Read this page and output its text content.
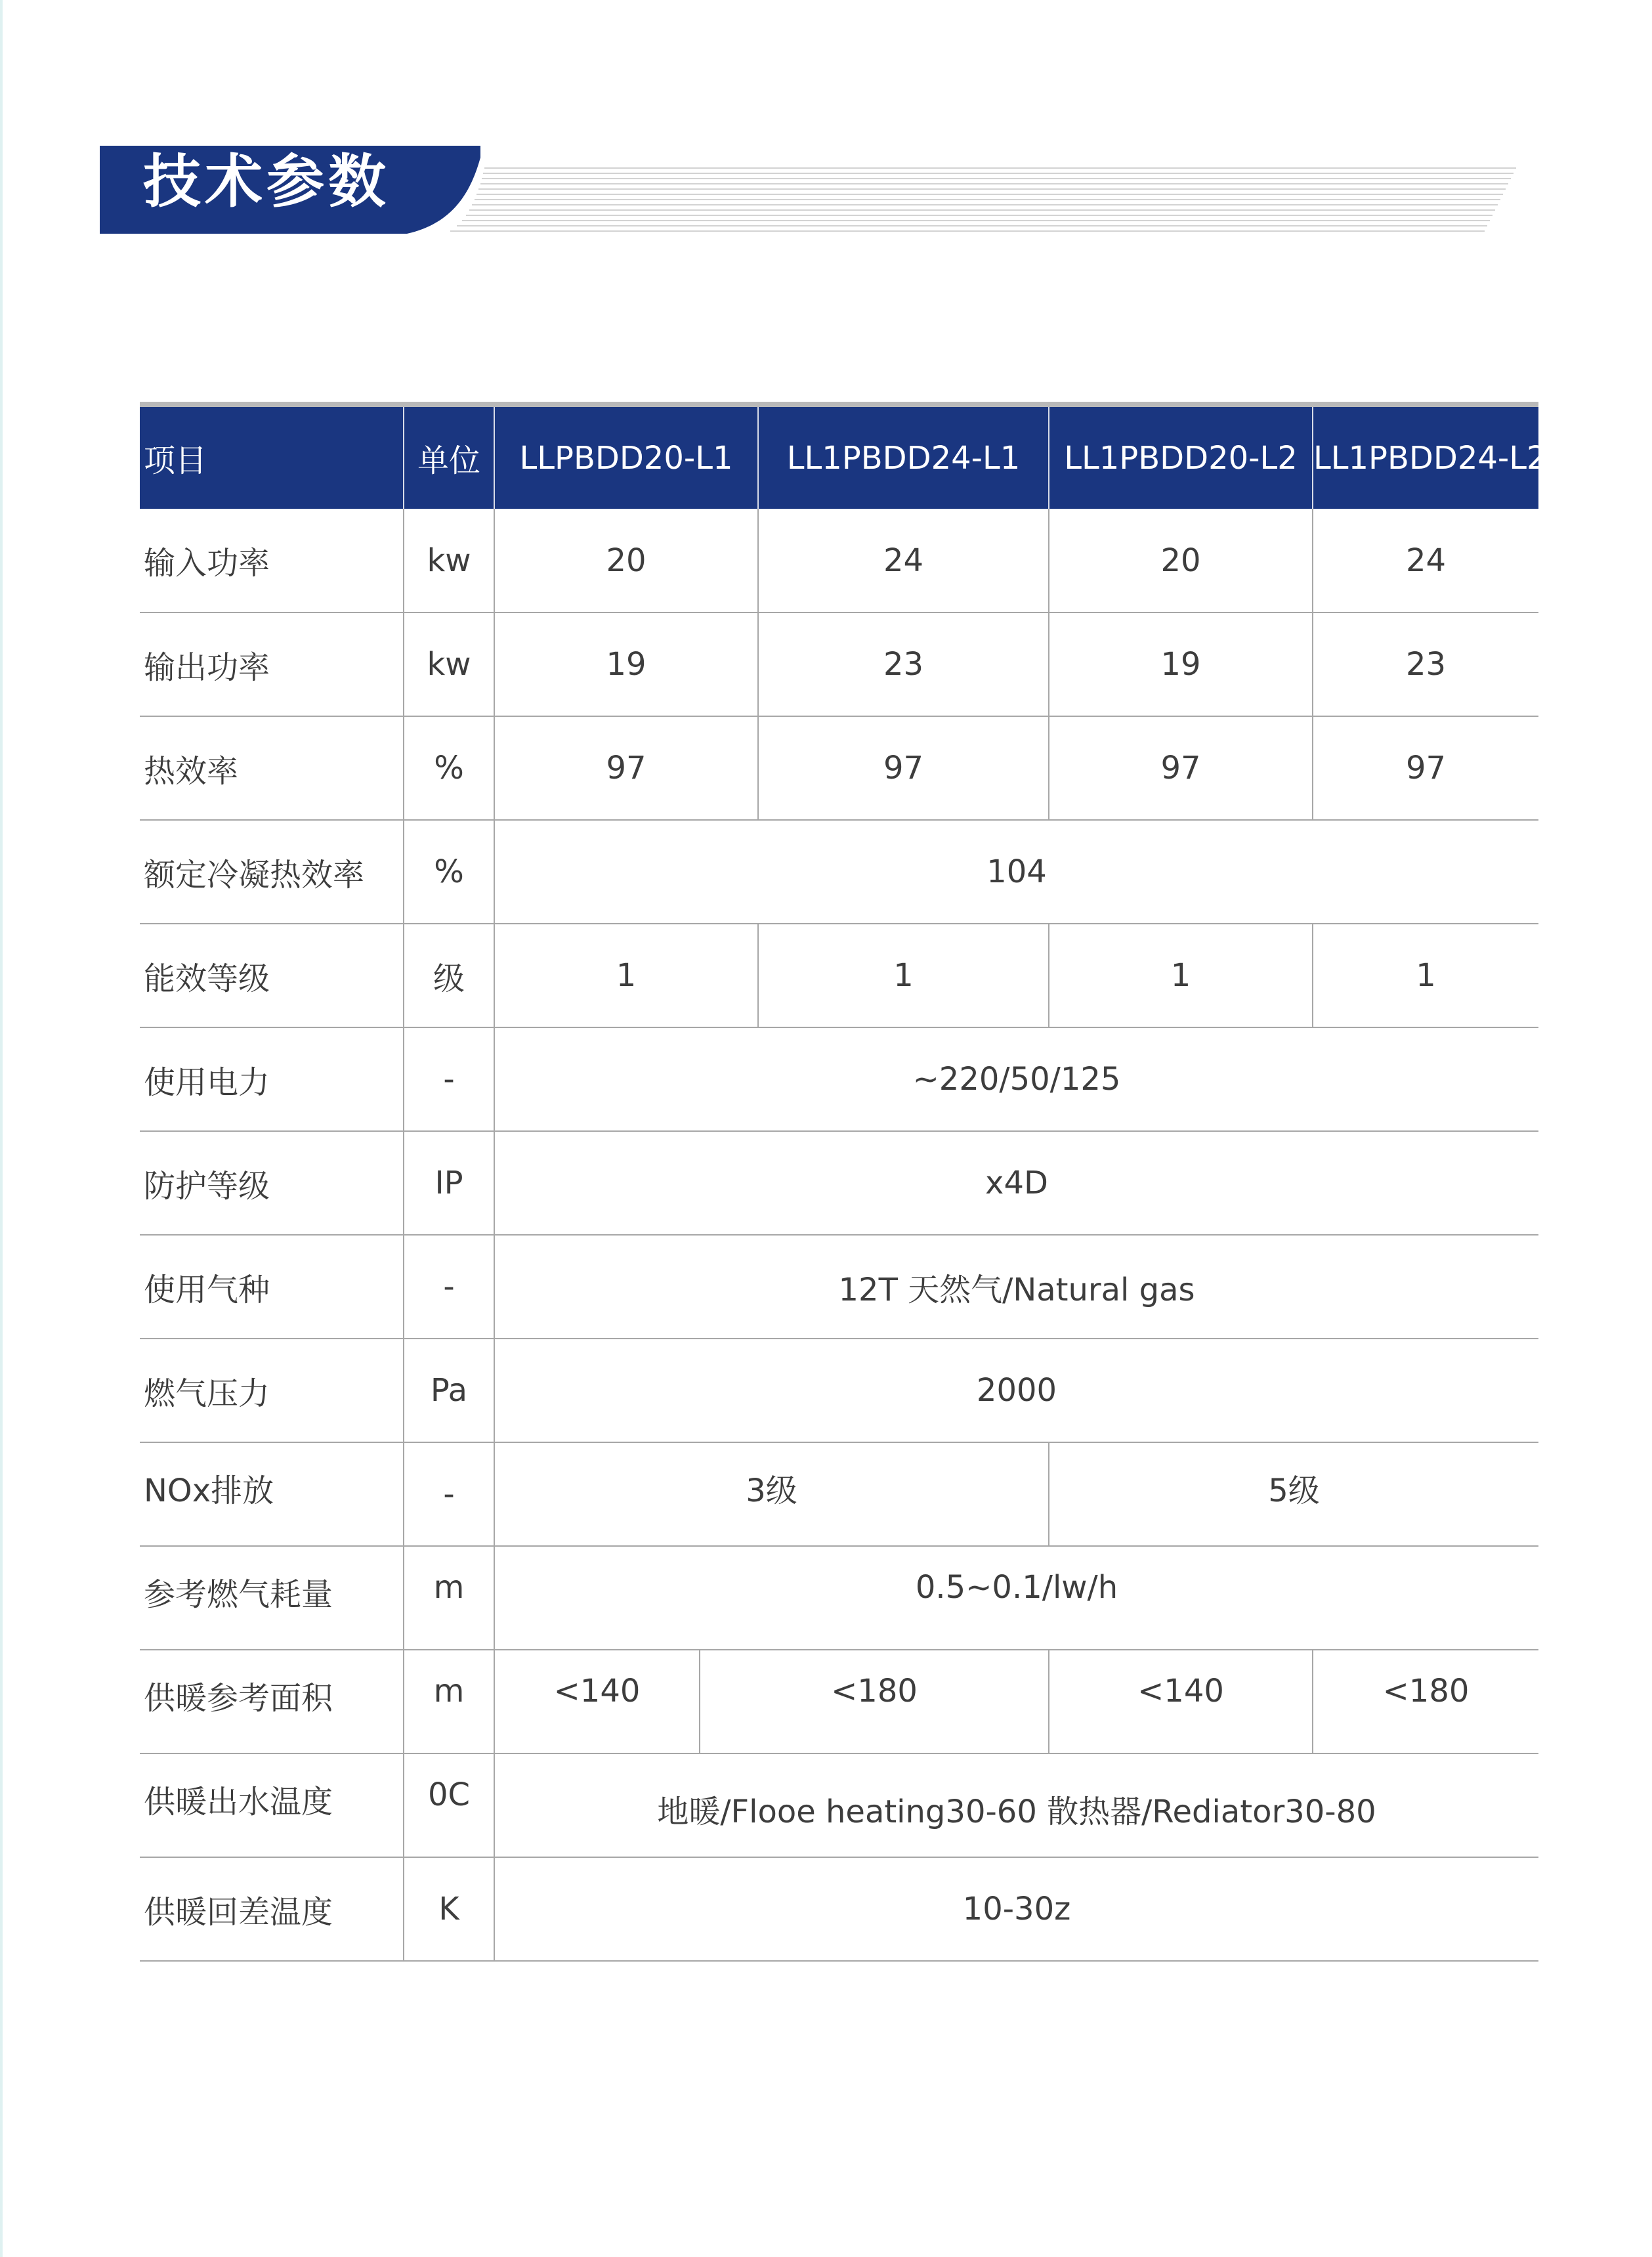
技术参数
项目	单位	LLPBDD20-L1		LL1PBDD24-L1	LL1PBDD20-L2	LL1PBDD24-L2
输入功率	kw	20		24	20	24
输出功率	kw	19		23	19	23
热效率	%	97		97	97	97
额定冷凝热效率	%	104				
能效等级	级	1		1	1	1
使用电力	-	~220/50/125				
防护等级	IP	x4D				
使用气种	-	12T 天然气/Natural gas				
燃气压力	Pa	2000				
NOx排放	-	3级			5级	
参考燃气耗量	m	0.5~0.1/lw/h				
供暖参考面积	m	<140	<180		<140	<180
供暖出水温度	0C	地暖/Flooe heating30-60 散热器/Rediator30-80				
供暖回差温度	K	10-30z				
